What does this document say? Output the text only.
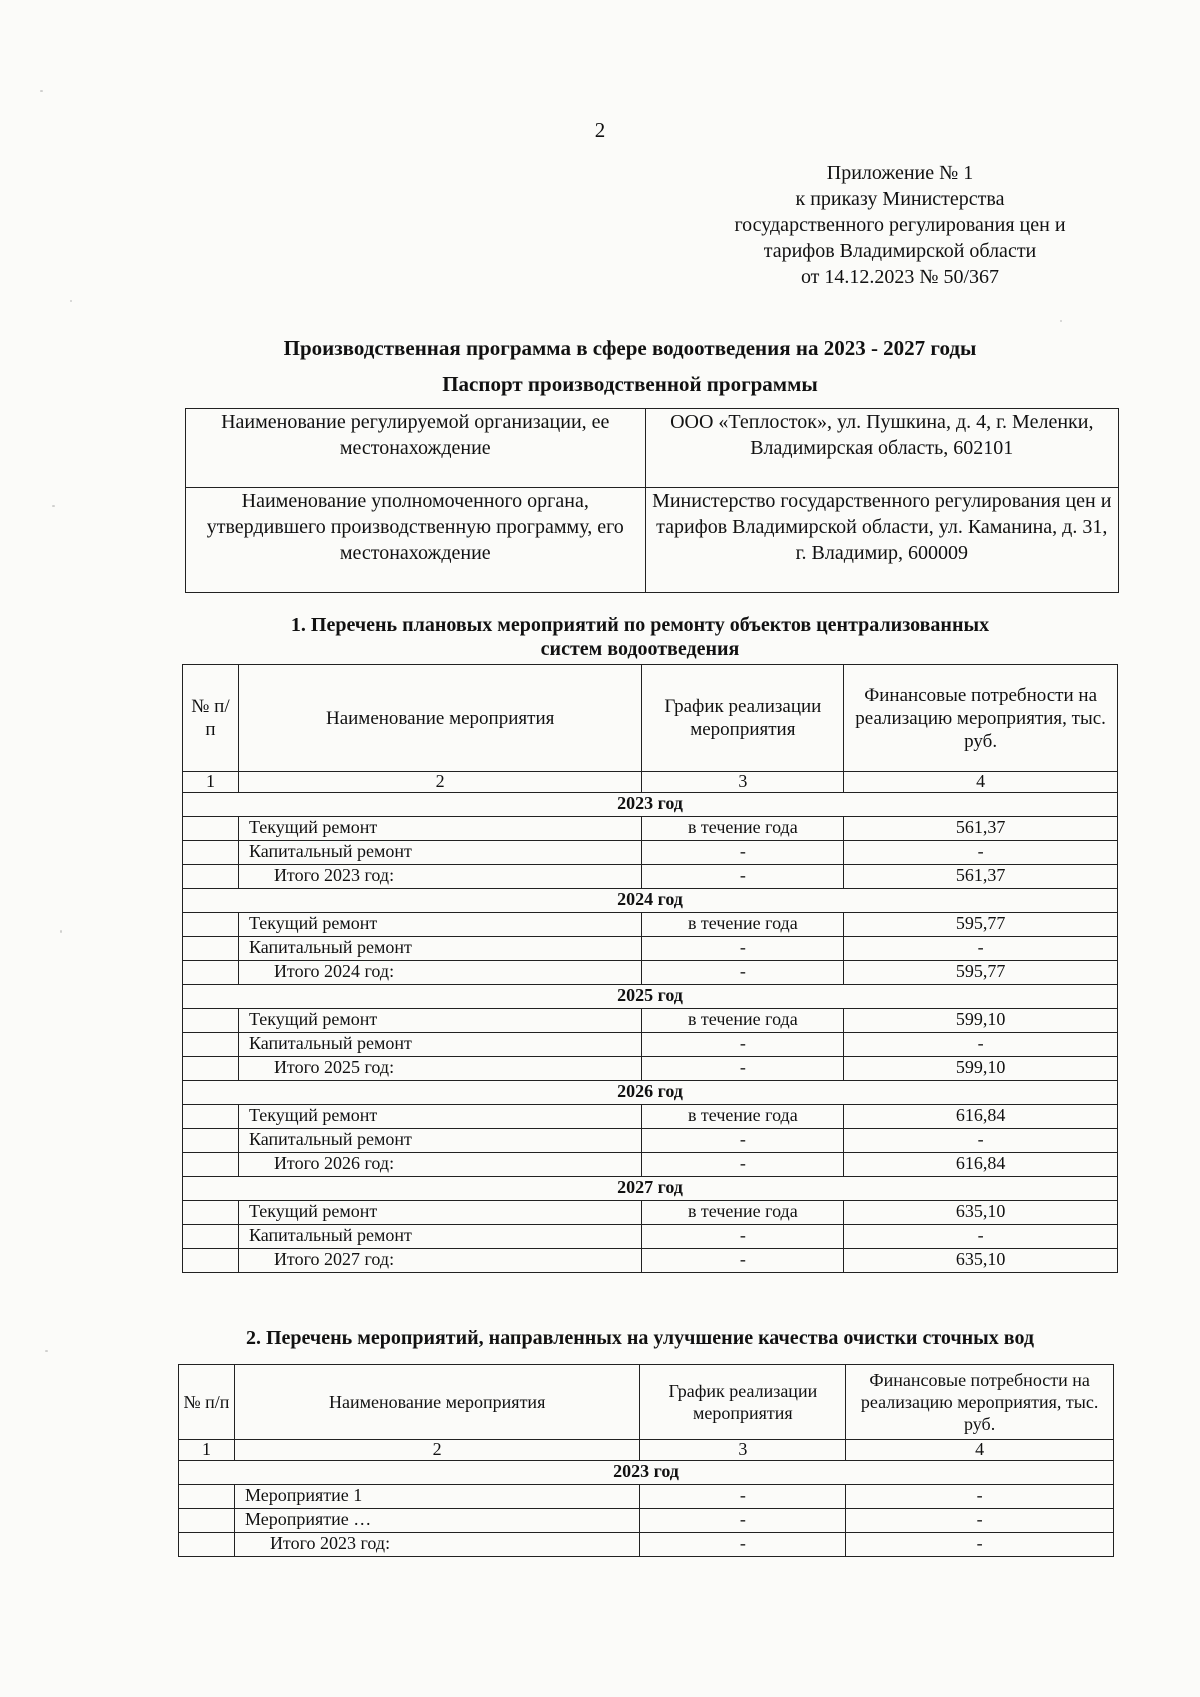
2
Приложение № 1
к приказу Министерства
государственного регулирования цен и
тарифов Владимирской области
от 14.12.2023 № 50/367
Производственная программа в сфере водоотведения на 2023 - 2027 годы
Паспорт производственной программы
Наименование регулируемой организации, ее местонахождение	ООО «Теплосток», ул. Пушкина, д. 4, г. Меленки, Владимирская область, 602101
Наименование уполномоченного органа, утвердившего производственную программу, его местонахождение	Министерство государственного регулирования цен и тарифов Владимирской области, ул. Каманина, д. 31, г. Владимир, 600009
1. Перечень плановых мероприятий по ремонту объектов централизованных
систем водоотведения
№ п/п	Наименование мероприятия	График реализации мероприятия	Финансовые потребности на реализацию мероприятия, тыс. руб.
1	2	3	4
2023 год			
	Текущий ремонт	в течение года	561,37
	Капитальный ремонт	-	-
	Итого 2023 год:	-	561,37
2024 год			
	Текущий ремонт	в течение года	595,77
	Капитальный ремонт	-	-
	Итого 2024 год:	-	595,77
2025 год			
	Текущий ремонт	в течение года	599,10
	Капитальный ремонт	-	-
	Итого 2025 год:	-	599,10
2026 год			
	Текущий ремонт	в течение года	616,84
	Капитальный ремонт	-	-
	Итого 2026 год:	-	616,84
2027 год			
	Текущий ремонт	в течение года	635,10
	Капитальный ремонт	-	-
	Итого 2027 год:	-	635,10
2. Перечень мероприятий, направленных на улучшение качества очистки сточных вод
№ п/п	Наименование мероприятия	График реализации мероприятия	Финансовые потребности на реализацию мероприятия, тыс. руб.
1	2	3	4
2023 год			
	Мероприятие 1	-	-
	Мероприятие …	-	-
	Итого 2023 год:	-	-
